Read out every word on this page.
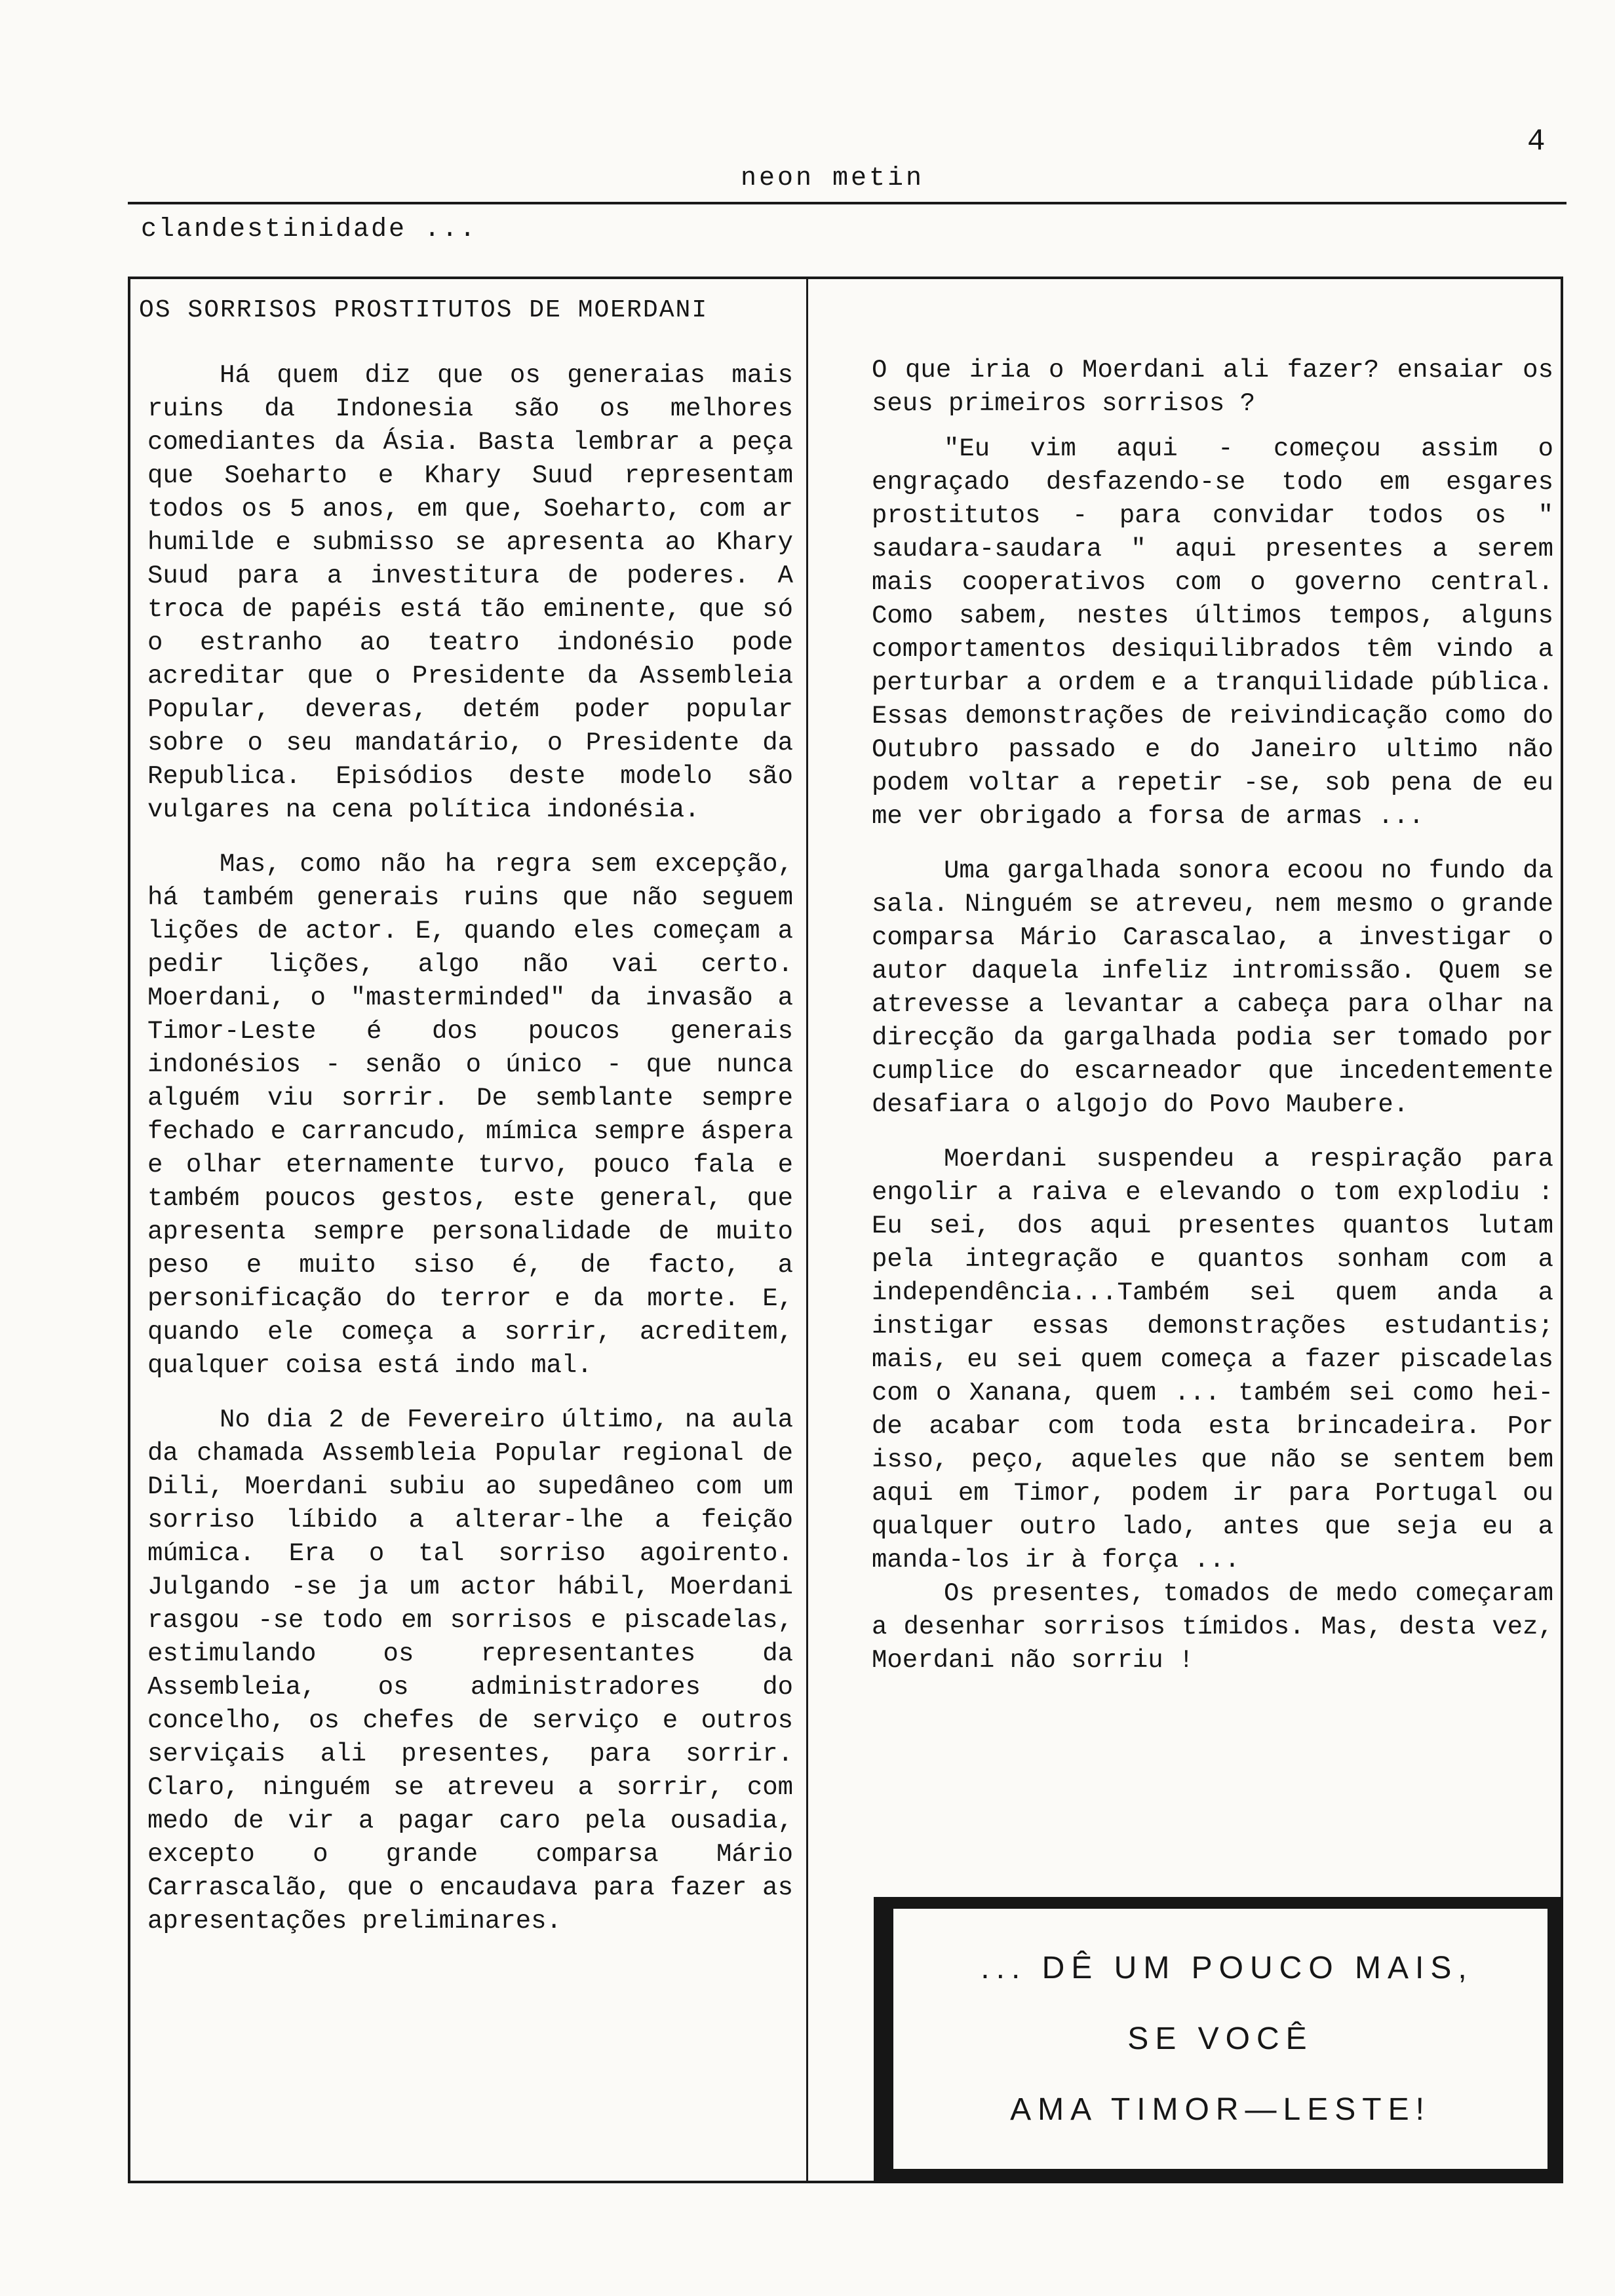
4
neon metin
clandestinidade ...
OS SORRISOS PROSTITUTOS DE MOERDANI

Há quem diz que os generaias mais ruins da Indonesia são os melhores comediantes da Ásia. Basta lembrar a peça que Soeharto e Khary Suud representam todos os 5 anos, em que, Soeharto, com ar humilde e submisso se apresenta ao Khary Suud para a investitura de poderes. A troca de papéis está tão eminente, que só o estranho ao teatro indonésio pode acreditar que o Presidente da Assembleia Popular, deveras, detém poder popular sobre o seu mandatário, o Presidente da Republica. Episódios deste modelo são vulgares na cena política indonésia.

Mas, como não ha regra sem excepção, há também generais ruins que não seguem lições de actor. E, quando eles começam a pedir lições, algo não vai certo. Moerdani, o "masterminded" da invasão a Timor-Leste é dos poucos generais indonésios - senão o único - que nunca alguém viu sorrir. De semblante sempre fechado e carrancudo, mímica sempre áspera e olhar eternamente turvo, pouco fala e também poucos gestos, este general, que apresenta sempre personalidade de muito peso e muito siso é, de facto, a personificação do terror e da morte. E, quando ele começa a sorrir, acreditem, qualquer coisa está indo mal.

No dia 2 de Fevereiro último, na aula da chamada Assembleia Popular regional de Dili, Moerdani subiu ao supedâneo com um sorriso líbido a alterar-lhe a feição múmica. Era o tal sorriso agoirento. Julgando -se ja um actor hábil, Moerdani rasgou -se todo em sorrisos e piscadelas, estimulando os representantes da Assembleia, os administradores do concelho, os chefes de serviço e outros serviçais ali presentes, para sorrir. Claro, ninguém se atreveu a sorrir, com medo de vir a pagar caro pela ousadia, excepto o grande comparsa Mário Carrascalão, que o encaudava para fazer as apresentações preliminares.

O que iria o Moerdani ali fazer? ensaiar os seus primeiros sorrisos ?

"Eu vim aqui - começou assim o engraçado desfazendo-se todo em esgares prostitutos - para convidar todos os " saudara-saudara " aqui presentes a serem mais cooperativos com o governo central. Como sabem, nestes últimos tempos, alguns comportamentos desiquilibrados têm vindo a perturbar a ordem e a tranquilidade pública. Essas demonstrações de reivindicação como do Outubro passado e do Janeiro ultimo não podem voltar a repetir -se, sob pena de eu me ver obrigado a forsa de armas ...

Uma gargalhada sonora ecoou no fundo da sala. Ninguém se atreveu, nem mesmo o grande comparsa Mário Carascalao, a investigar o autor daquela infeliz intromissão. Quem se atrevesse a levantar a cabeça para olhar na direcção da gargalhada podia ser tomado por cumplice do escarneador que incedentemente desafiara o algojo do Povo Maubere.

Moerdani suspendeu a respiração para engolir a raiva e elevando o tom explodiu : Eu sei, dos aqui presentes quantos lutam pela integração e quantos sonham com a independência...Também sei quem anda a instigar essas demonstrações estudantis; mais, eu sei quem começa a fazer piscadelas com o Xanana, quem ... também sei como hei-de acabar com toda esta brincadeira. Por isso, peço, aqueles que não se sentem bem aqui em Timor, podem ir para Portugal ou qualquer outro lado, antes que seja eu a manda-los ir à força ...

Os presentes, tomados de medo começaram a desenhar sorrisos tímidos. Mas, desta vez, Moerdani não sorriu !

... DÊ UM POUCO MAIS,
SE VOCÊ
AMA TIMOR—LESTE!
